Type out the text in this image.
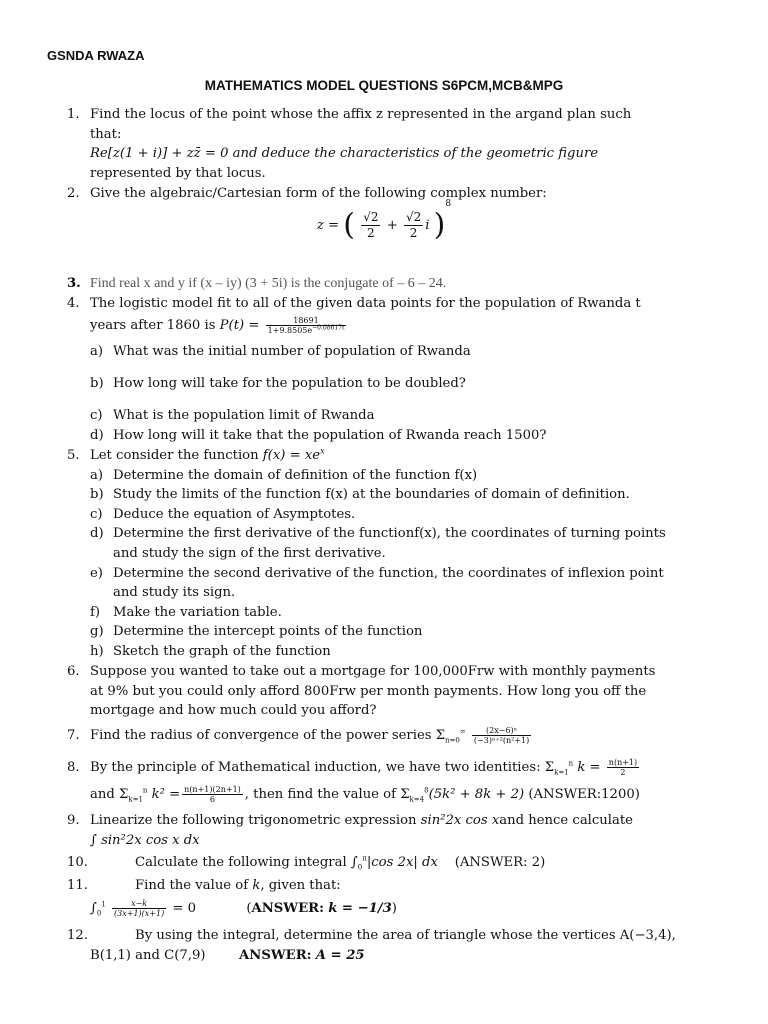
GSNDA RWAZA
MATHEMATICS MODEL QUESTIONS S6PCM,MCB&MPG
1. Find the locus of the point whose the affix z represented in the argand plan such
that:
Re[z(1 + i)] + zz̄ = 0 and deduce the characteristics of the geometric figure
represented by that locus.
2. Give the algebraic/Cartesian form of the following complex number:
z = ( $\frac{√2}{2} + \frac{√2}{2}$ i )$^8$
3. Find real x and y if (x – iy) (3 + 5i) is the conjugate of – 6 – 24.
4. The logistic model fit to all of the given data points for the population of Rwanda t
years after 1860 is $P(t) = \frac{18691}{1+9.8505e^{-0.08617t}}$
a) What was the initial number of population of Rwanda
b) How long will take for the population to be doubled?
c) What is the population limit of Rwanda
d) How long will it take that the population of Rwanda reach 1500?
5. Let consider the function $f(x) = xe^x$
a) Determine the domain of definition of the function f(x)
b) Study the limits of the function f(x) at the boundaries of domain of definition.
c) Deduce the equation of Asymptotes.
d) Determine the first derivative of the functionf(x), the coordinates of turning points
and study the sign of the first derivative.
e) Determine the second derivative of the function, the coordinates of inflexion point
and study its sign.
f) Make the variation table.
g) Determine the intercept points of the function
h) Sketch the graph of the function
6. Suppose you wanted to take out a mortgage for 100,000Frw with monthly payments
at 9% but you could only afford 800Frw per month payments. How long you off the
mortgage and how much could you afford?
7. Find the radius of convergence of the power series $\Sigma_{n=0}^\infty \frac{\text{(2x−6)ⁿ}}{\text{(−3)ⁿ⁺²(n²+1)}}$
8. By the principle of Mathematical induction, we have two identities: $\Sigma_{k=1}^n$ $k = \frac{n(n+1)}{2}$
and $\Sigma_{k=1}^n$ $k^2 = \frac{n(n+1)(2n+1)}{6}$ , then find the value of $\Sigma_{k=4}^8(5k^2 + 8k + 2)$ (ANSWER:1200)
9. Linearize the following trigonometric expression sin²2x cos xand hence calculate
∫ sin²2x cos x dx
10.	Calculate the following integral $\int_0^\pi|\cos$ 2x| dx (ANSWER: 2)
11.	Find the value of k, given that:
$\int_0^1 \frac{x-k}{(3x+1)(x+1)} = 0$            (ANSWER: k = −1/3)
12.	By using the integral, determine the area of triangle whose the vertices A(−3,4),
B(1,1) and C(7,9)	ANSWER: A = 25
